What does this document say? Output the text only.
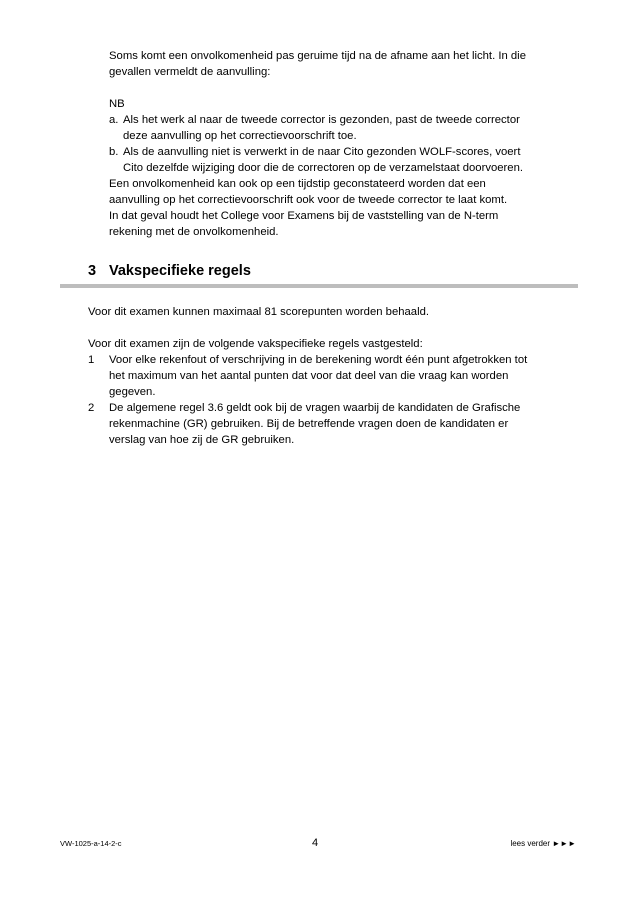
Soms komt een onvolkomenheid pas geruime tijd na de afname aan het licht. In die

gevallen vermeldt de aanvulling:

NB

a. Als het werk al naar de tweede corrector is gezonden, past de tweede corrector

deze aanvulling op het correctievoorschrift toe.

b. Als de aanvulling niet is verwerkt in de naar Cito gezonden WOLF-scores, voert

Cito dezelfde wijziging door die de correctoren op de verzamelstaat doorvoeren.

Een onvolkomenheid kan ook op een tijdstip geconstateerd worden dat een

aanvulling op het correctievoorschrift ook voor de tweede corrector te laat komt.

In dat geval houdt het College voor Examens bij de vaststelling van de N-term

rekening met de onvolkomenheid.

3 Vakspecifieke regels

Voor dit examen kunnen maximaal 81 scorepunten worden behaald.

Voor dit examen zijn de volgende vakspecifieke regels vastgesteld:

1 Voor elke rekenfout of verschrijving in de berekening wordt één punt afgetrokken tot

het maximum van het aantal punten dat voor dat deel van die vraag kan worden

gegeven.

2 De algemene regel 3.6 geldt ook bij de vragen waarbij de kandidaten de Grafische

rekenmachine (GR) gebruiken. Bij de betreffende vragen doen de kandidaten er

verslag van hoe zij de GR gebruiken.

VW-1025-a-14-2-c	4	lees verder ►►►
